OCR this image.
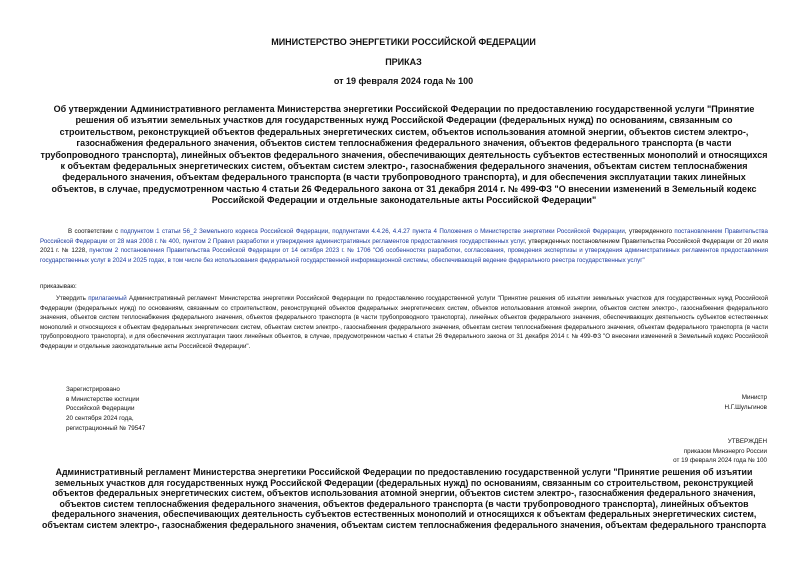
МИНИСТЕРСТВО ЭНЕРГЕТИКИ РОССИЙСКОЙ ФЕДЕРАЦИИ
ПРИКАЗ
от 19 февраля 2024 года № 100
Об утверждении Административного регламента Министерства энергетики Российской Федерации по предоставлению государственной услуги "Принятие решения об изъятии земельных участков для государственных нужд Российской Федерации (федеральных нужд) по основаниям, связанным со строительством, реконструкцией объектов федеральных энергетических систем, объектов использования атомной энергии, объектов систем электро-, газоснабжения федерального значения, объектов систем теплоснабжения федерального значения, объектов федерального транспорта (в части трубопроводного транспорта), линейных объектов федерального значения, обеспечивающих деятельность субъектов естественных монополий и относящихся к объектам федеральных энергетических систем, объектам систем электро-, газоснабжения федерального значения, объектам систем теплоснабжения федерального значения, объектам федерального транспорта (в части трубопроводного транспорта), и для обеспечения эксплуатации таких линейных объектов, в случае, предусмотренном частью 4 статьи 26 Федерального закона от 31 декабря 2014 г. № 499-ФЗ "О внесении изменений в Земельный кодекс Российской Федерации и отдельные законодательные акты Российской Федерации"
В соответствии с подпунктом 1 статьи 56_2 Земельного кодекса Российской Федерации, подпунктами 4.4.26, 4.4.27 пункта 4 Положения о Министерстве энергетики Российской Федерации, утвержденного постановлением Правительства Российской Федерации от 28 мая 2008 г. № 400, пунктом 2 Правил разработки и утверждения административных регламентов предоставления государственных услуг, утвержденных постановлением Правительства Российской Федерации от 20 июля 2021 г. № 1228, пунктом 2 постановления Правительства Российской Федерации от 14 октября 2023 г. № 1706 "Об особенностях разработки, согласования, проведения экспертизы и утверждения административных регламентов предоставления государственных услуг в 2024 и 2025 годах, в том числе без использования федеральной государственной информационной системы, обеспечивающей ведение федерального реестра государственных услуг"
приказываю:
Утвердить прилагаемый Административный регламент Министерства энергетики Российской Федерации по предоставлению государственной услуги "Принятие решения об изъятии земельных участков для государственных нужд Российской Федерации (федеральных нужд) по основаниям, связанным со строительством, реконструкцией объектов федеральных энергетических систем, объектов использования атомной энергии, объектов систем электро-, газоснабжения федерального значения, объектов систем теплоснабжения федерального значения, объектов федерального транспорта (в части трубопроводного транспорта), линейных объектов федерального значения, обеспечивающих деятельность субъектов естественных монополий и относящихся к объектам федеральных энергетических систем, объектам систем электро-, газоснабжения федерального значения, объектам систем теплоснабжения федерального значения, объектам федерального транспорта (в части трубопроводного транспорта), и для обеспечения эксплуатации таких линейных объектов, в случае, предусмотренном частью 4 статьи 26 Федерального закона от 31 декабря 2014 г. № 499-ФЗ "О внесении изменений в Земельный кодекс Российской Федерации и отдельные законодательные акты Российской Федерации".
Министр
Н.Г.Шульгинов
Зарегистрировано
в Министерстве юстиции
Российской Федерации
20 сентября 2024 года,
регистрационный № 79547
УТВЕРЖДЕН
приказом Минэнерго России
от 19 февраля 2024 года № 100
Административный регламент Министерства энергетики Российской Федерации по предоставлению государственной услуги "Принятие решения об изъятии земельных участков для государственных нужд Российской Федерации (федеральных нужд) по основаниям, связанным со строительством, реконструкцией объектов федеральных энергетических систем, объектов использования атомной энергии, объектов систем электро-, газоснабжения федерального значения, объектов систем теплоснабжения федерального значения, объектов федерального транспорта (в части трубопроводного транспорта), линейных объектов федерального значения, обеспечивающих деятельность субъектов естественных монополий и относящихся к объектам федеральных энергетических систем, объектам систем электро-, газоснабжения федерального значения, объектам систем теплоснабжения федерального значения, объектам федерального транспорта
